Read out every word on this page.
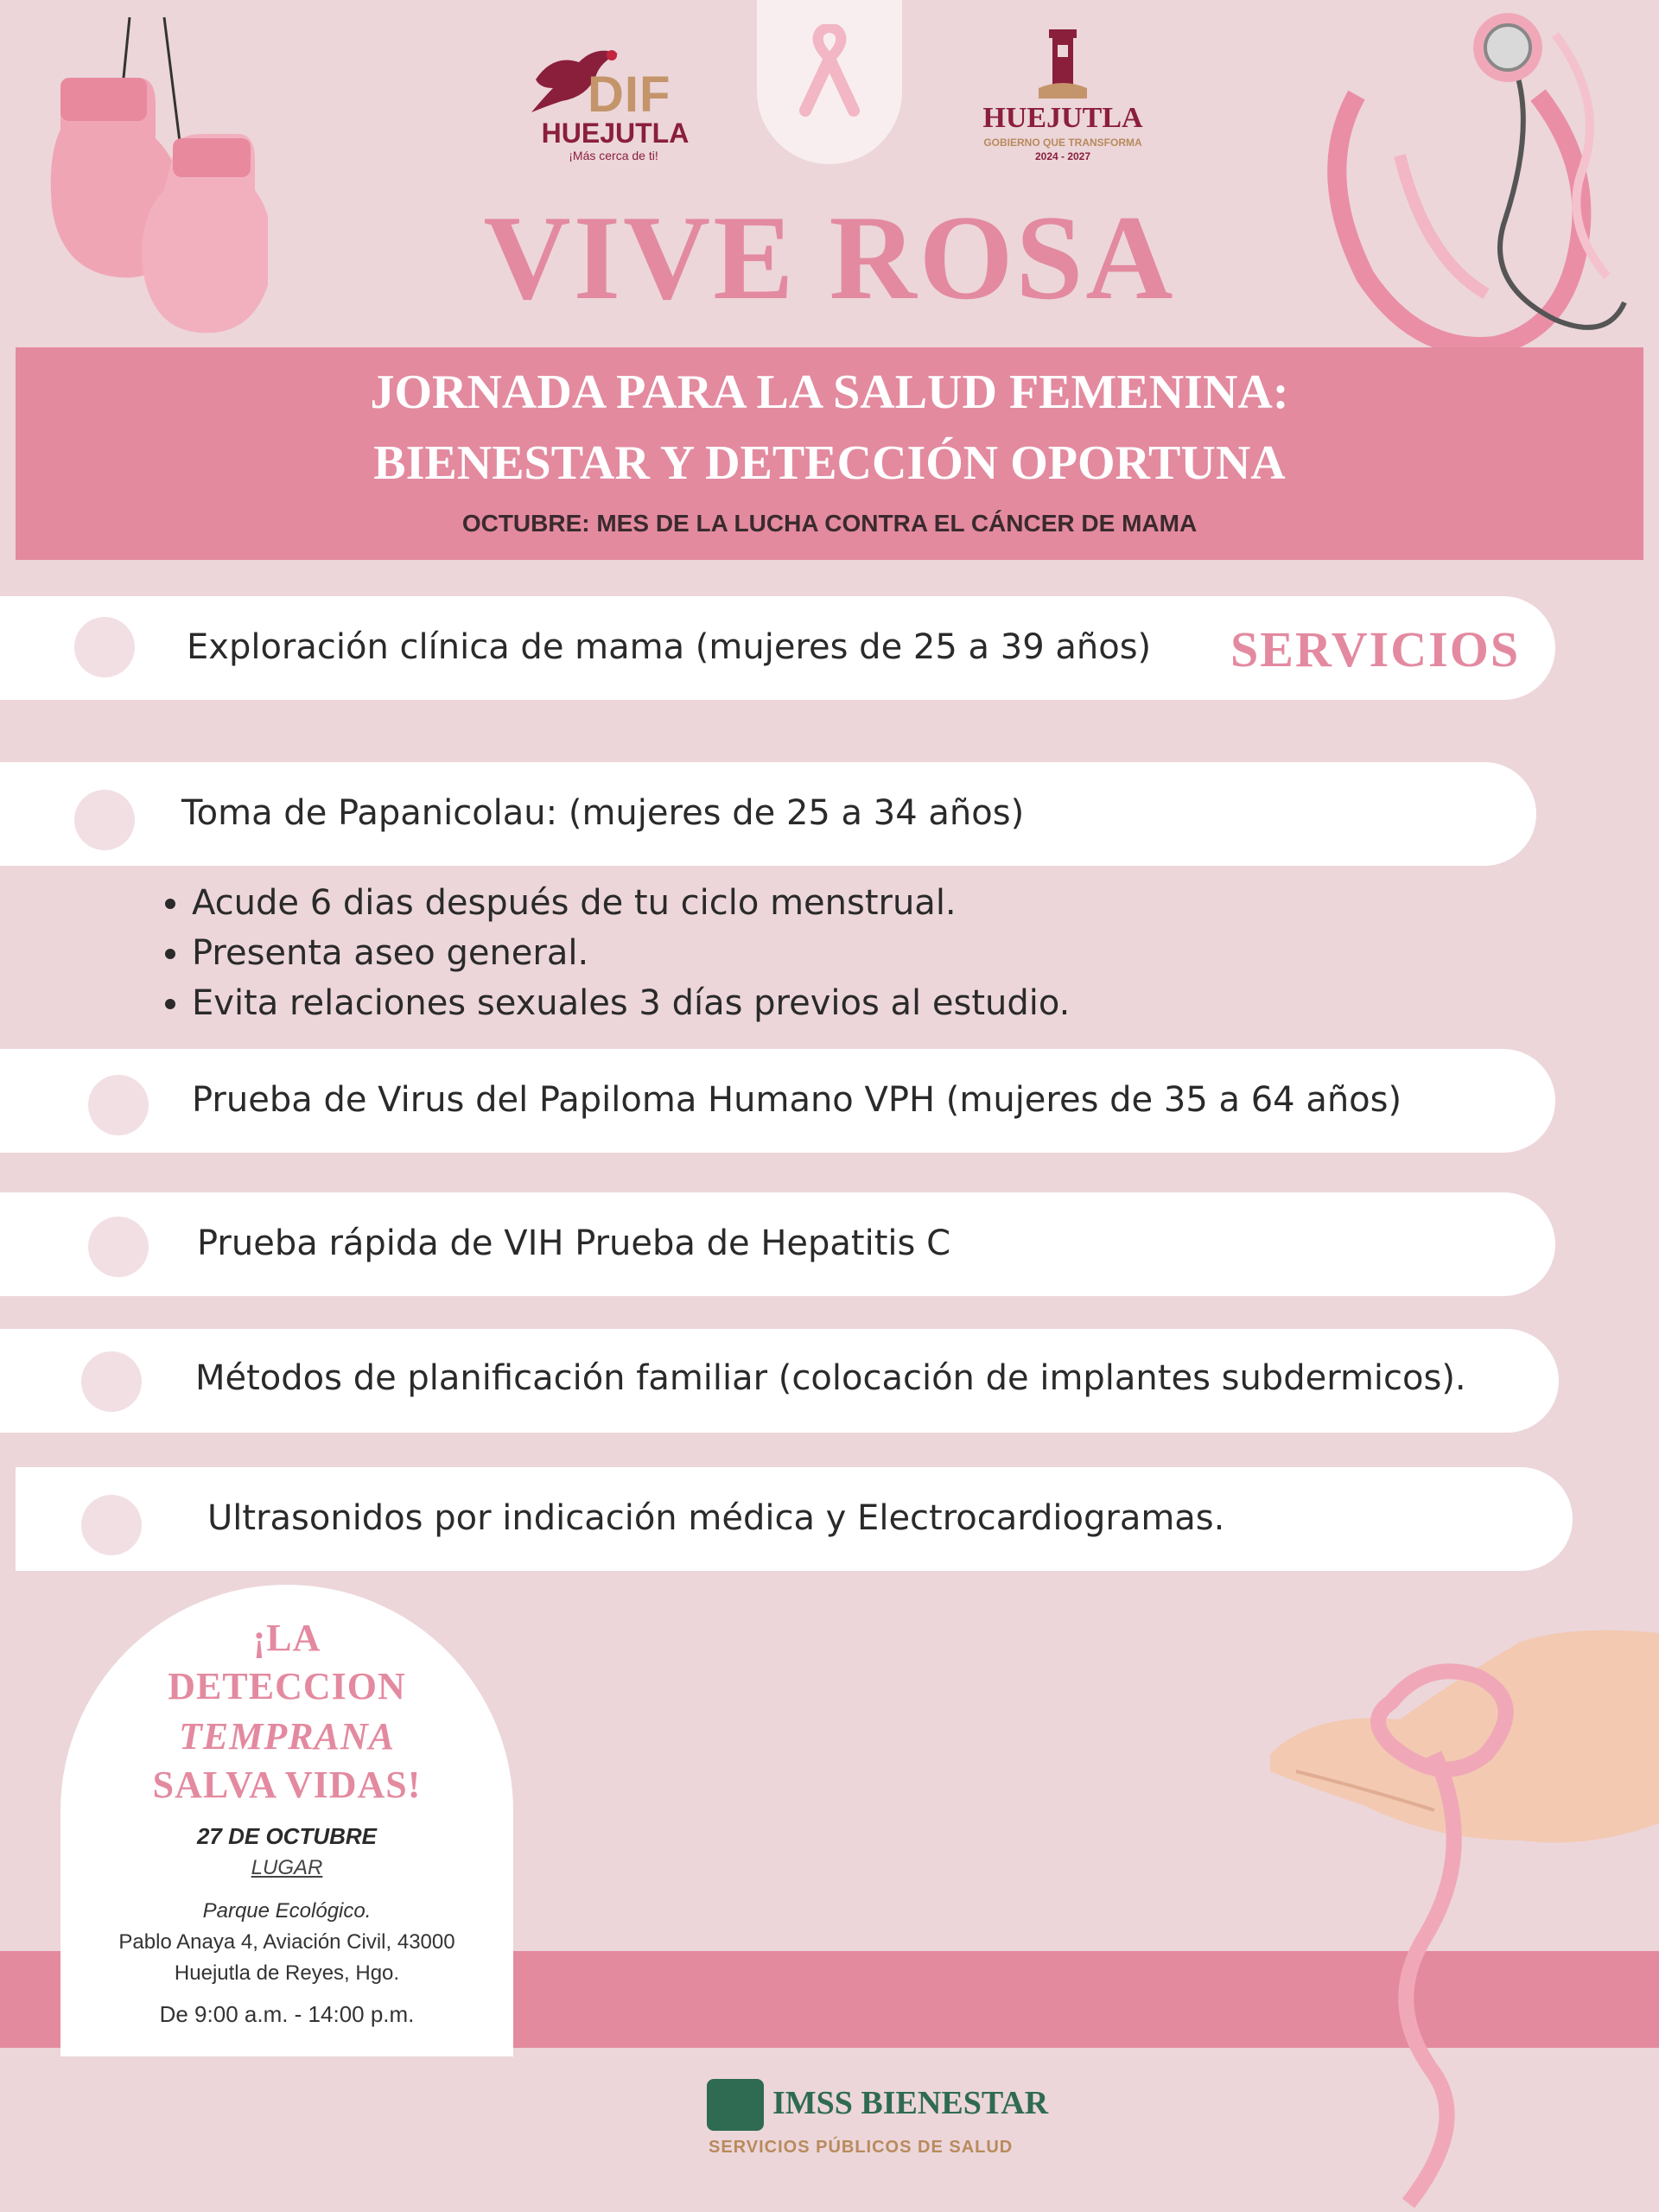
DIF
HUEJUTLA
¡Más cerca de ti!
HUEJUTLA
GOBIERNO QUE TRANSFORMA
2024 - 2027
VIVE ROSA
JORNADA PARA LA SALUD FEMENINA:
BIENESTAR Y DETECCIÓN OPORTUNA
OCTUBRE: MES DE LA LUCHA CONTRA EL CÁNCER DE MAMA
Exploración clínica de mama (mujeres de 25 a 39 años) SERVICIOS
Toma de Papanicolau: (mujeres de 25 a 34 años)
• Acude 6 dias después de tu ciclo menstrual.
• Presenta aseo general.
• Evita relaciones sexuales 3 días previos al estudio.
Prueba de Virus del Papiloma Humano VPH (mujeres de 35 a 64 años)
Prueba rápida de VIH Prueba de Hepatitis C
Métodos de planificación familiar (colocación de implantes subdermicos).
Ultrasonidos por indicación médica y Electrocardiogramas.
¡LA
DETECCION
TEMPRANA
SALVA VIDAS!
27 DE OCTUBRE
LUGAR
Parque Ecológico.
Pablo Anaya 4, Aviación Civil, 43000
Huejutla de Reyes, Hgo.
De 9:00 a.m. - 14:00 p.m.
IMSS BIENESTAR
SERVICIOS PÚBLICOS DE SALUD
